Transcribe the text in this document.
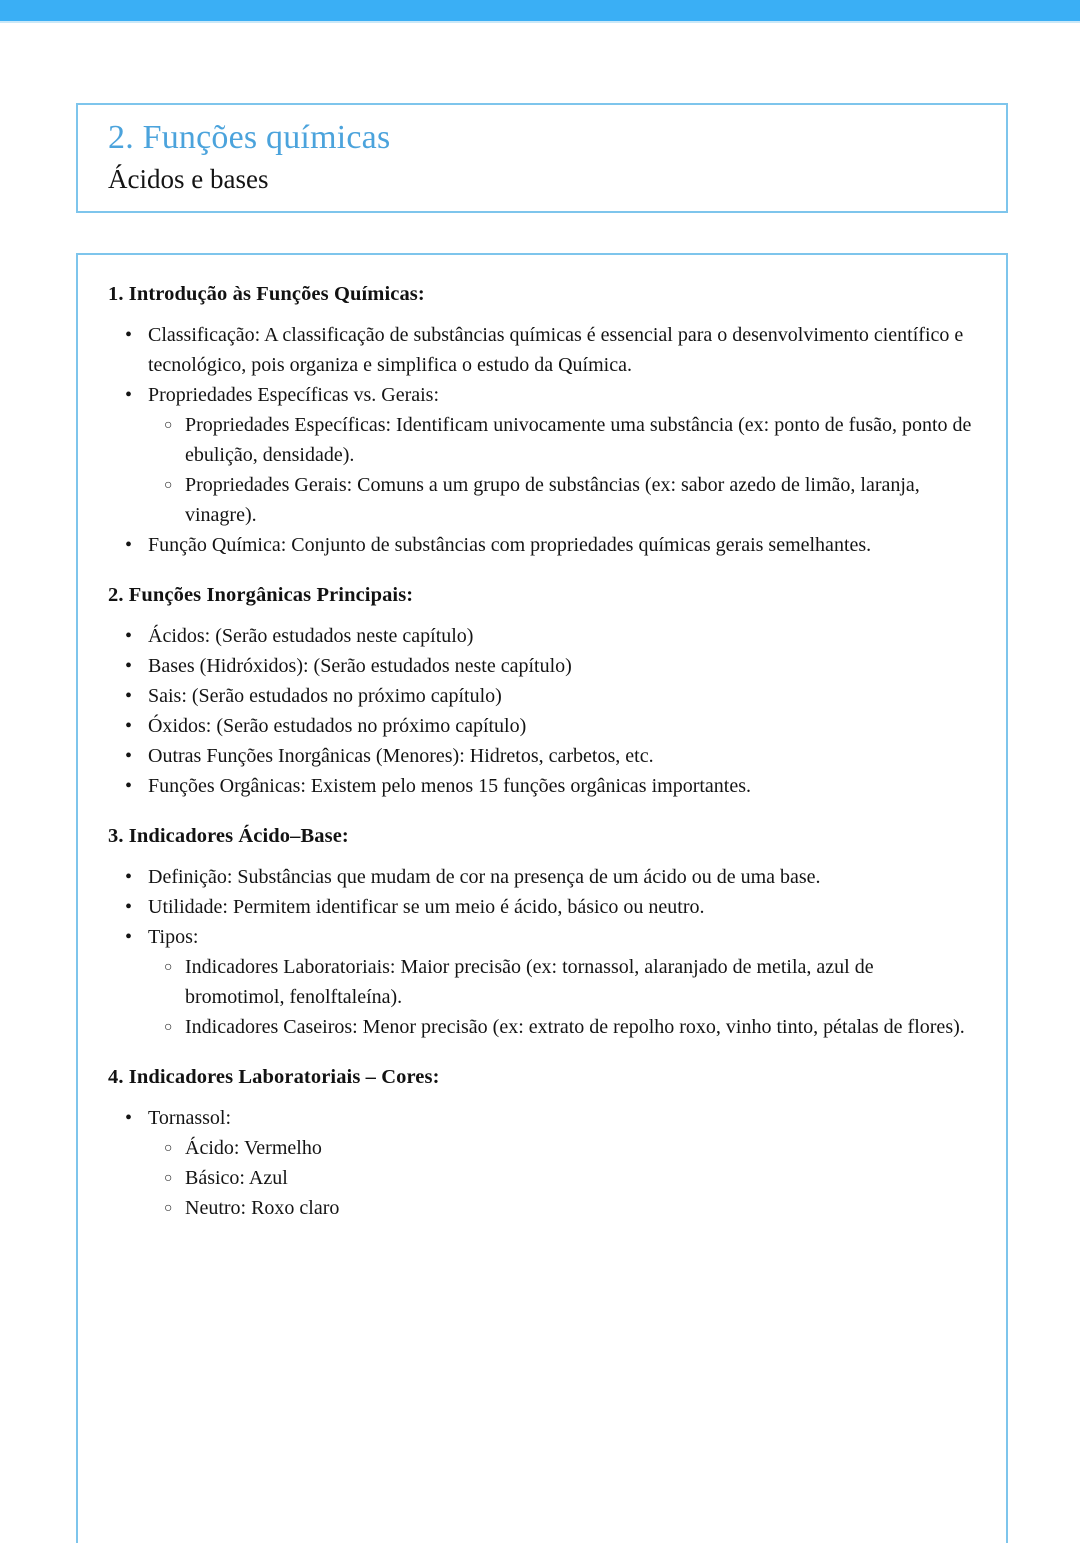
2. Funções químicas
Ácidos e bases
1. Introdução às Funções Químicas:
• Classificação: A classificação de substâncias químicas é essencial para o desenvolvimento científico e tecnológico, pois organiza e simplifica o estudo da Química.
• Propriedades Específicas vs. Gerais:
○ Propriedades Específicas: Identificam univocamente uma substância (ex: ponto de fusão, ponto de ebulição, densidade).
○ Propriedades Gerais: Comuns a um grupo de substâncias (ex: sabor azedo de limão, laranja, vinagre).
• Função Química: Conjunto de substâncias com propriedades químicas gerais semelhantes.
2. Funções Inorgânicas Principais:
• Ácidos: (Serão estudados neste capítulo)
• Bases (Hidróxidos): (Serão estudados neste capítulo)
• Sais: (Serão estudados no próximo capítulo)
• Óxidos: (Serão estudados no próximo capítulo)
• Outras Funções Inorgânicas (Menores): Hidretos, carbetos, etc.
• Funções Orgânicas: Existem pelo menos 15 funções orgânicas importantes.
3. Indicadores Ácido–Base:
• Definição: Substâncias que mudam de cor na presença de um ácido ou de uma base.
• Utilidade: Permitem identificar se um meio é ácido, básico ou neutro.
• Tipos:
○ Indicadores Laboratoriais: Maior precisão (ex: tornassol, alaranjado de metila, azul de bromotimol, fenolftaleína).
○ Indicadores Caseiros: Menor precisão (ex: extrato de repolho roxo, vinho tinto, pétalas de flores).
4. Indicadores Laboratoriais – Cores:
• Tornassol:
○ Ácido: Vermelho
○ Básico: Azul
○ Neutro: Roxo claro
